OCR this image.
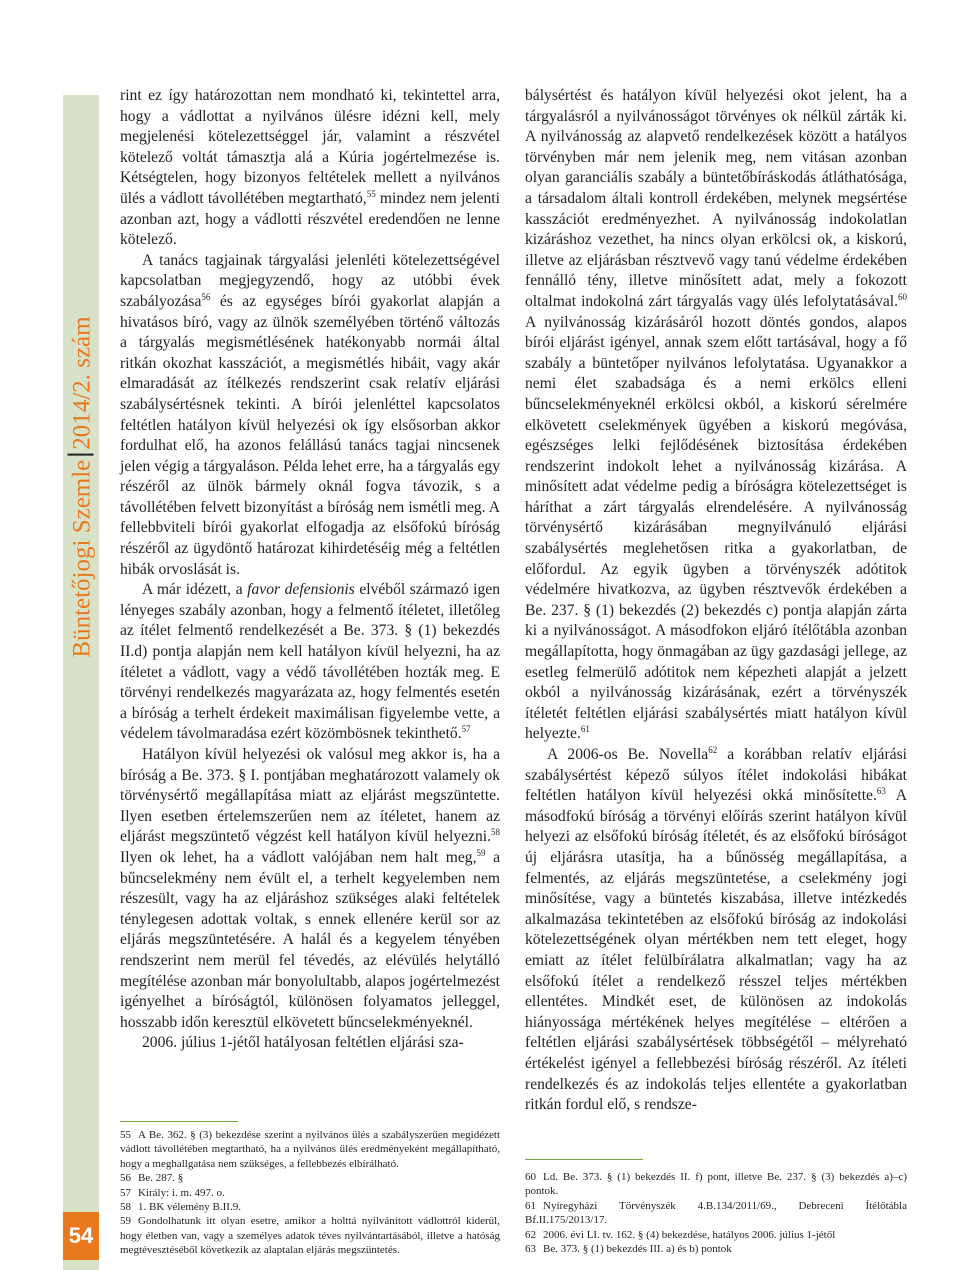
Büntetőjogi Szemle2014/2. szám
54

rint ez így határozottan nem mondható ki, tekintettel arra, hogy a vádlottat a nyilvános ülésre idézni kell, mely megjelenési kötelezettséggel jár, valamint a részvétel kötelező voltát támasztja alá a Kúria jogértelmezése is. Kétségtelen, hogy bizonyos feltételek mellett a nyilvános ülés a vádlott távollétében megtartható,$^{55}$ mindez nem jelenti azonban azt, hogy a vádlotti részvétel eredendően ne lenne kötelező.

A tanács tagjainak tárgyalási jelenléti kötelezettségével kapcsolatban megjegyzendő, hogy az utóbbi évek szabályozása$^{56}$ és az egységes bírói gyakorlat alapján a hivatásos bíró, vagy az ülnök személyében történő változás a tárgyalás megismétlésének hatékonyabb normái által ritkán okozhat kasszációt, a megismétlés hibáit, vagy akár elmaradását az ítélkezés rendszerint csak relatív eljárási szabálysértésnek tekinti. A bírói jelenléttel kapcsolatos feltétlen hatályon kívül helyezési ok így elsősorban akkor fordulhat elő, ha azonos felállású tanács tagjai nincsenek jelen végig a tárgyaláson. Példa lehet erre, ha a tárgyalás egy részéről az ülnök bármely oknál fogva távozik, s a távollétében felvett bizonyítást a bíróság nem ismétli meg. A fellebbviteli bírói gyakorlat elfogadja az elsőfokú bíróság részéről az ügydöntő határozat kihirdetéséig még a feltétlen hibák orvoslását is.

A már idézett, a favor defensionis elvéből származó igen lényeges szabály azonban, hogy a felmentő ítéletet, illetőleg az ítélet felmentő rendelkezését a Be. 373. § (1) bekezdés II.d) pontja alapján nem kell hatályon kívül helyezni, ha az ítéletet a vádlott, vagy a védő távollétében hozták meg. E törvényi rendelkezés magyarázata az, hogy felmentés esetén a bíróság a terhelt érdekeit maximálisan figyelembe vette, a védelem távolmaradása ezért közömbösnek tekinthető.$^{57}$

Hatályon kívül helyezési ok valósul meg akkor is, ha a bíróság a Be. 373. § I. pontjában meghatározott valamely ok törvénysértő megállapítása miatt az eljárást megszüntette. Ilyen esetben értelemszerűen nem az ítéletet, hanem az eljárást megszüntető végzést kell hatályon kívül helyezni.$^{58}$ Ilyen ok lehet, ha a vádlott valójában nem halt meg,$^{59}$ a bűncselekmény nem évült el, a terhelt kegyelemben nem részesült, vagy ha az eljáráshoz szükséges alaki feltételek ténylegesen adottak voltak, s ennek ellenére kerül sor az eljárás megszüntetésére. A halál és a kegyelem tényében rendszerint nem merül fel tévedés, az elévülés helytálló megítélése azonban már bonyolultabb, alapos jogértelmezést igényelhet a bíróságtól, különösen folyamatos jelleggel, hosszabb időn keresztül elkövetett bűncselekményeknél.

2006. július 1-jétől hatályosan feltétlen eljárási sza-

bálysértést és hatályon kívül helyezési okot jelent, ha a tárgyalásról a nyilvánosságot törvényes ok nélkül zárták ki. A nyilvánosság az alapvető rendelkezések között a hatályos törvényben már nem jelenik meg, nem vitásan azonban olyan garanciális szabály a büntetőbíráskodás átláthatósága, a társadalom általi kontroll érdekében, melynek megsértése kasszációt eredményezhet. A nyilvánosság indokolatlan kizáráshoz vezethet, ha nincs olyan erkölcsi ok, a kiskorú, illetve az eljárásban résztvevő vagy tanú védelme érdekében fennálló tény, illetve minősített adat, mely a fokozott oltalmat indokolná zárt tárgyalás vagy ülés lefolytatásával.$^{60}$ A nyilvánosság kizárásáról hozott döntés gondos, alapos bírói eljárást igényel, annak szem előtt tartásával, hogy a fő szabály a büntetőper nyilvános lefolytatása. Ugyanakkor a nemi élet szabadsága és a nemi erkölcs elleni bűncselekményeknél erkölcsi okból, a kiskorú sérelmére elkövetett cselekmények ügyében a kiskorú megóvása, egészséges lelki fejlődésének biztosítása érdekében rendszerint indokolt lehet a nyilvánosság kizárása. A minősített adat védelme pedig a bíróságra kötelezettséget is háríthat a zárt tárgyalás elrendelésére. A nyilvánosság törvénysértő kizárásában megnyilvánuló eljárási szabálysértés meglehetősen ritka a gyakorlatban, de előfordul. Az egyik ügyben a törvényszék adótitok védelmére hivatkozva, az ügyben résztvevők érdekében a Be. 237. § (1) bekezdés (2) bekezdés c) pontja alapján zárta ki a nyilvánosságot. A másodfokon eljáró ítélőtábla azonban megállapította, hogy önmagában az ügy gazdasági jellege, az esetleg felmerülő adótitok nem képezheti alapját a jelzett okból a nyilvánosság kizárásának, ezért a törvényszék ítéletét feltétlen eljárási szabálysértés miatt hatályon kívül helyezte.$^{61}$

A 2006-os Be. Novella$^{62}$ a korábban relatív eljárási szabálysértést képező súlyos ítélet indokolási hibákat feltétlen hatályon kívül helyezési okká minősítette.$^{63}$ A másodfokú bíróság a törvényi előírás szerint hatályon kívül helyezi az elsőfokú bíróság ítéletét, és az elsőfokú bíróságot új eljárásra utasítja, ha a bűnösség megállapítása, a felmentés, az eljárás megszüntetése, a cselekmény jogi minősítése, vagy a büntetés kiszabása, illetve intézkedés alkalmazása tekintetében az elsőfokú bíróság az indokolási kötelezettségének olyan mértékben nem tett eleget, hogy emiatt az ítélet felülbírálatra alkalmatlan; vagy ha az elsőfokú ítélet a rendelkező résszel teljes mértékben ellentétes. Mindkét eset, de különösen az indokolás hiányossága mértékének helyes megítélése – eltérően a feltétlen eljárási szabálysértések többségétől – mélyreható értékelést igényel a fellebbezési bíróság részéről. Az ítéleti rendelkezés és az indokolás teljes ellentéte a gyakorlatban ritkán fordul elő, s rendsze-

55 A Be. 362. § (3) bekezdése szerint a nyilvános ülés a szabályszerűen megidézett vádlott távollétében megtartható, ha a nyilvános ülés eredményeként megállapítható, hogy a meghallgatása nem szükséges, a fellebbezés elbírálható.

56 Be. 287. §

57 Király: i. m. 497. o.

58 1. BK vélemény B.II.9.

59 Gondolhatunk itt olyan esetre, amikor a holttá nyilvánított vádlottról kiderül, hogy életben van, vagy a személyes adatok téves nyilvántartásából, illetve a hatóság megtévesztéséből következik az alaptalan eljárás megszüntetés.

60 Ld. Be. 373. § (1) bekezdés II. f) pont, illetve Be. 237. § (3) bekezdés a)–c) pontok.

61 Nyíregyházi Törvényszék 4.B.134/2011/69., Debreceni Ítélőtábla Bf.II.175/2013/17.

62 2006. évi LI. tv. 162. § (4) bekezdése, hatályos 2006. július 1-jétől

63 Be. 373. § (1) bekezdés III. a) és b) pontok
